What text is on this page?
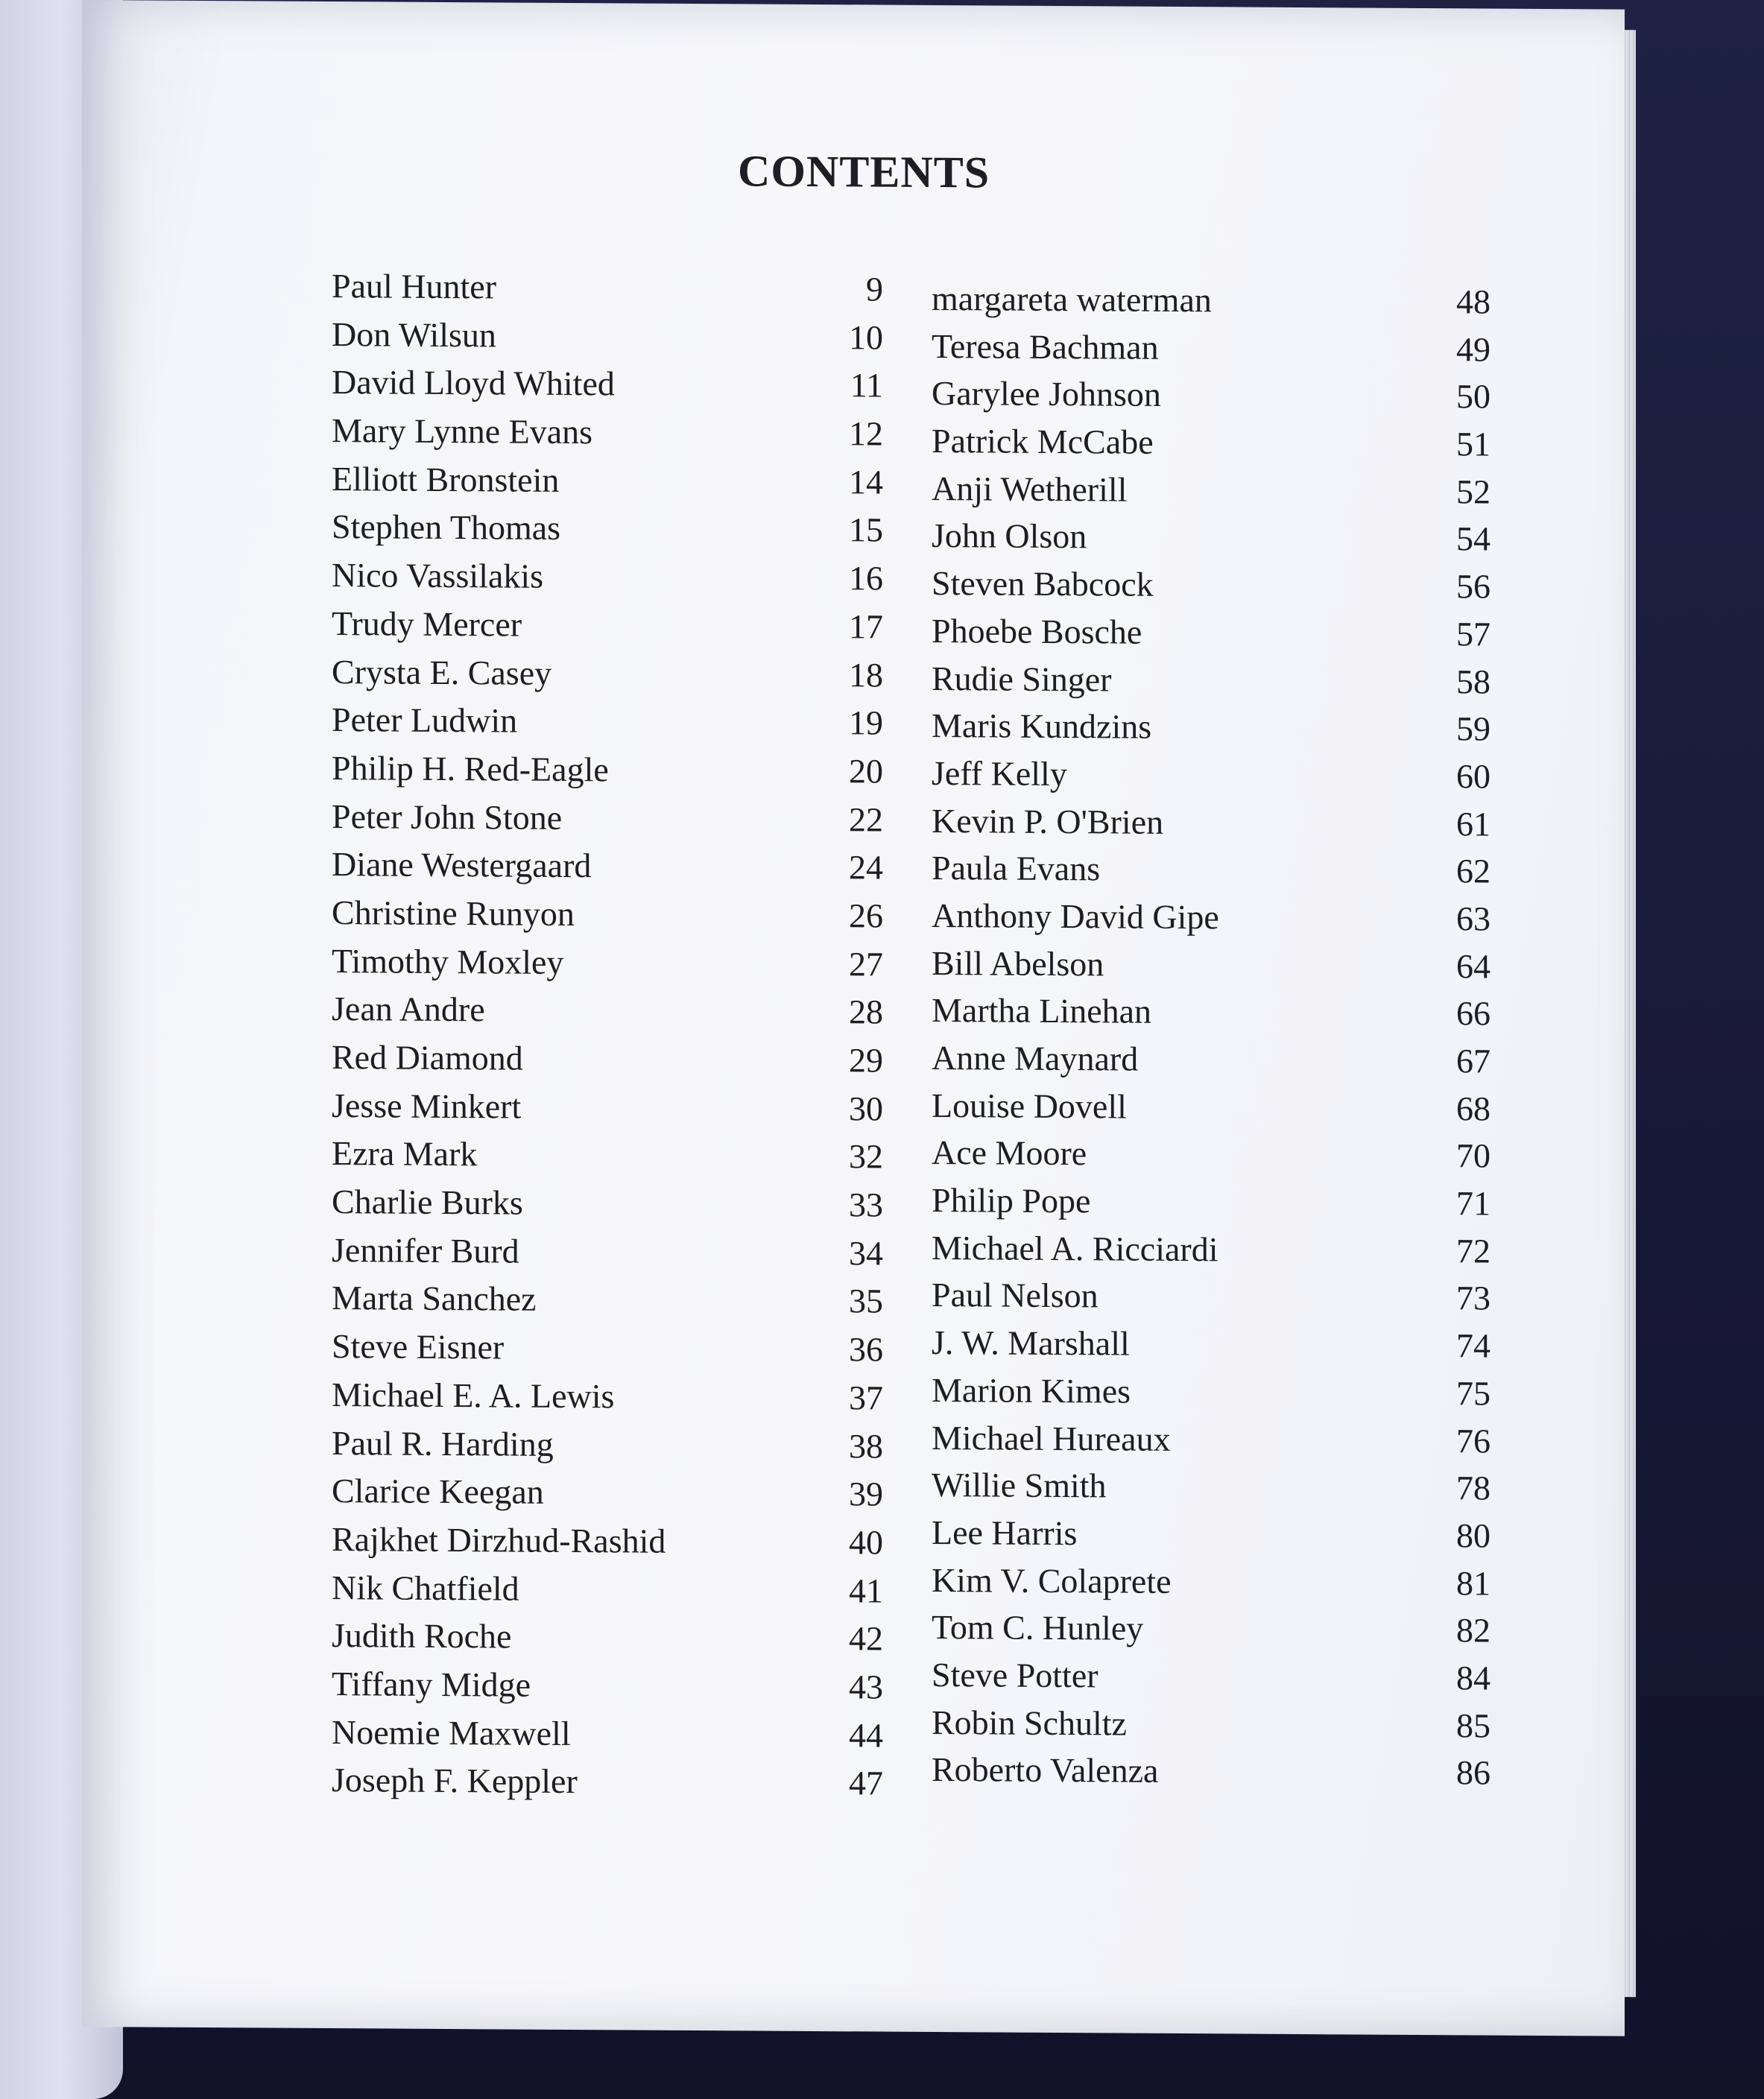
CONTENTS
Paul Hunter	9
Don Wilsun	10
David Lloyd Whited	11
Mary Lynne Evans	12
Elliott Bronstein	14
Stephen Thomas	15
Nico Vassilakis	16
Trudy Mercer	17
Crysta E. Casey	18
Peter Ludwin	19
Philip H. Red-Eagle	20
Peter John Stone	22
Diane Westergaard	24
Christine Runyon	26
Timothy Moxley	27
Jean Andre	28
Red Diamond	29
Jesse Minkert	30
Ezra Mark	32
Charlie Burks	33
Jennifer Burd	34
Marta Sanchez	35
Steve Eisner	36
Michael E. A. Lewis	37
Paul R. Harding	38
Clarice Keegan	39
Rajkhet Dirzhud-Rashid	40
Nik Chatfield	41
Judith Roche	42
Tiffany Midge	43
Noemie Maxwell	44
Joseph F. Keppler	47
margareta waterman	48
Teresa Bachman	49
Garylee Johnson	50
Patrick McCabe	51
Anji Wetherill	52
John Olson	54
Steven Babcock	56
Phoebe Bosche	57
Rudie Singer	58
Maris Kundzins	59
Jeff Kelly	60
Kevin P. O'Brien	61
Paula Evans	62
Anthony David Gipe	63
Bill Abelson	64
Martha Linehan	66
Anne Maynard	67
Louise Dovell	68
Ace Moore	70
Philip Pope	71
Michael A. Ricciardi	72
Paul Nelson	73
J. W. Marshall	74
Marion Kimes	75
Michael Hureaux	76
Willie Smith	78
Lee Harris	80
Kim V. Colaprete	81
Tom C. Hunley	82
Steve Potter	84
Robin Schultz	85
Roberto Valenza	86
